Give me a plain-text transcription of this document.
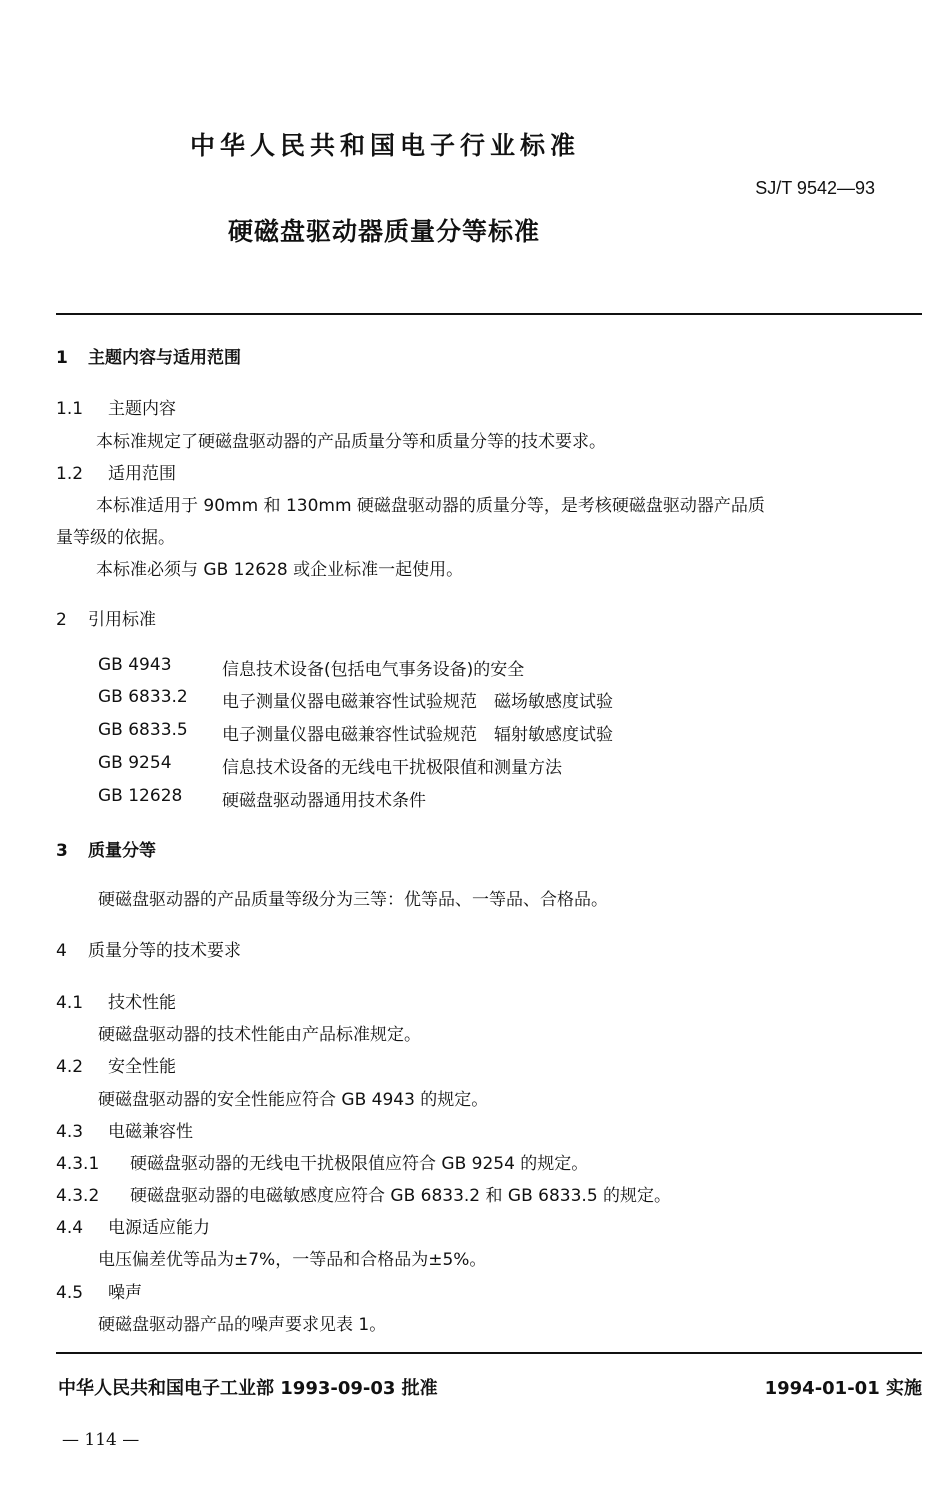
中华人民共和国电子行业标准
SJ/T 9542—93
硬磁盘驱动器质量分等标准
1 主题内容与适用范围
1.1 主题内容
本标准规定了硬磁盘驱动器的产品质量分等和质量分等的技术要求。
1.2 适用范围
本标准适用于 90mm 和 130mm 硬磁盘驱动器的质量分等，是考核硬磁盘驱动器产品质
量等级的依据。
本标准必须与 GB 12628 或企业标准一起使用。
2 引用标准
GB 4943	信息技术设备(包括电气事务设备)的安全
GB 6833.2 电子测量仪器电磁兼容性试验规范　磁场敏感度试验
GB 6833.5 电子测量仪器电磁兼容性试验规范　辐射敏感度试验
GB 9254	信息技术设备的无线电干扰极限值和测量方法
GB 12628 硬磁盘驱动器通用技术条件
3 质量分等
硬磁盘驱动器的产品质量等级分为三等：优等品、一等品、合格品。
4 质量分等的技术要求
4.1 技术性能
硬磁盘驱动器的技术性能由产品标准规定。
4.2 安全性能
硬磁盘驱动器的安全性能应符合 GB 4943 的规定。
4.3 电磁兼容性
4.3.1 硬磁盘驱动器的无线电干扰极限值应符合 GB 9254 的规定。
4.3.2 硬磁盘驱动器的电磁敏感度应符合 GB 6833.2 和 GB 6833.5 的规定。
4.4 电源适应能力
电压偏差优等品为±7%，一等品和合格品为±5%。
4.5 噪声
硬磁盘驱动器产品的噪声要求见表 1。
中华人民共和国电子工业部 1993-09-03 批准	1994-01-01 实施
— 114 —
